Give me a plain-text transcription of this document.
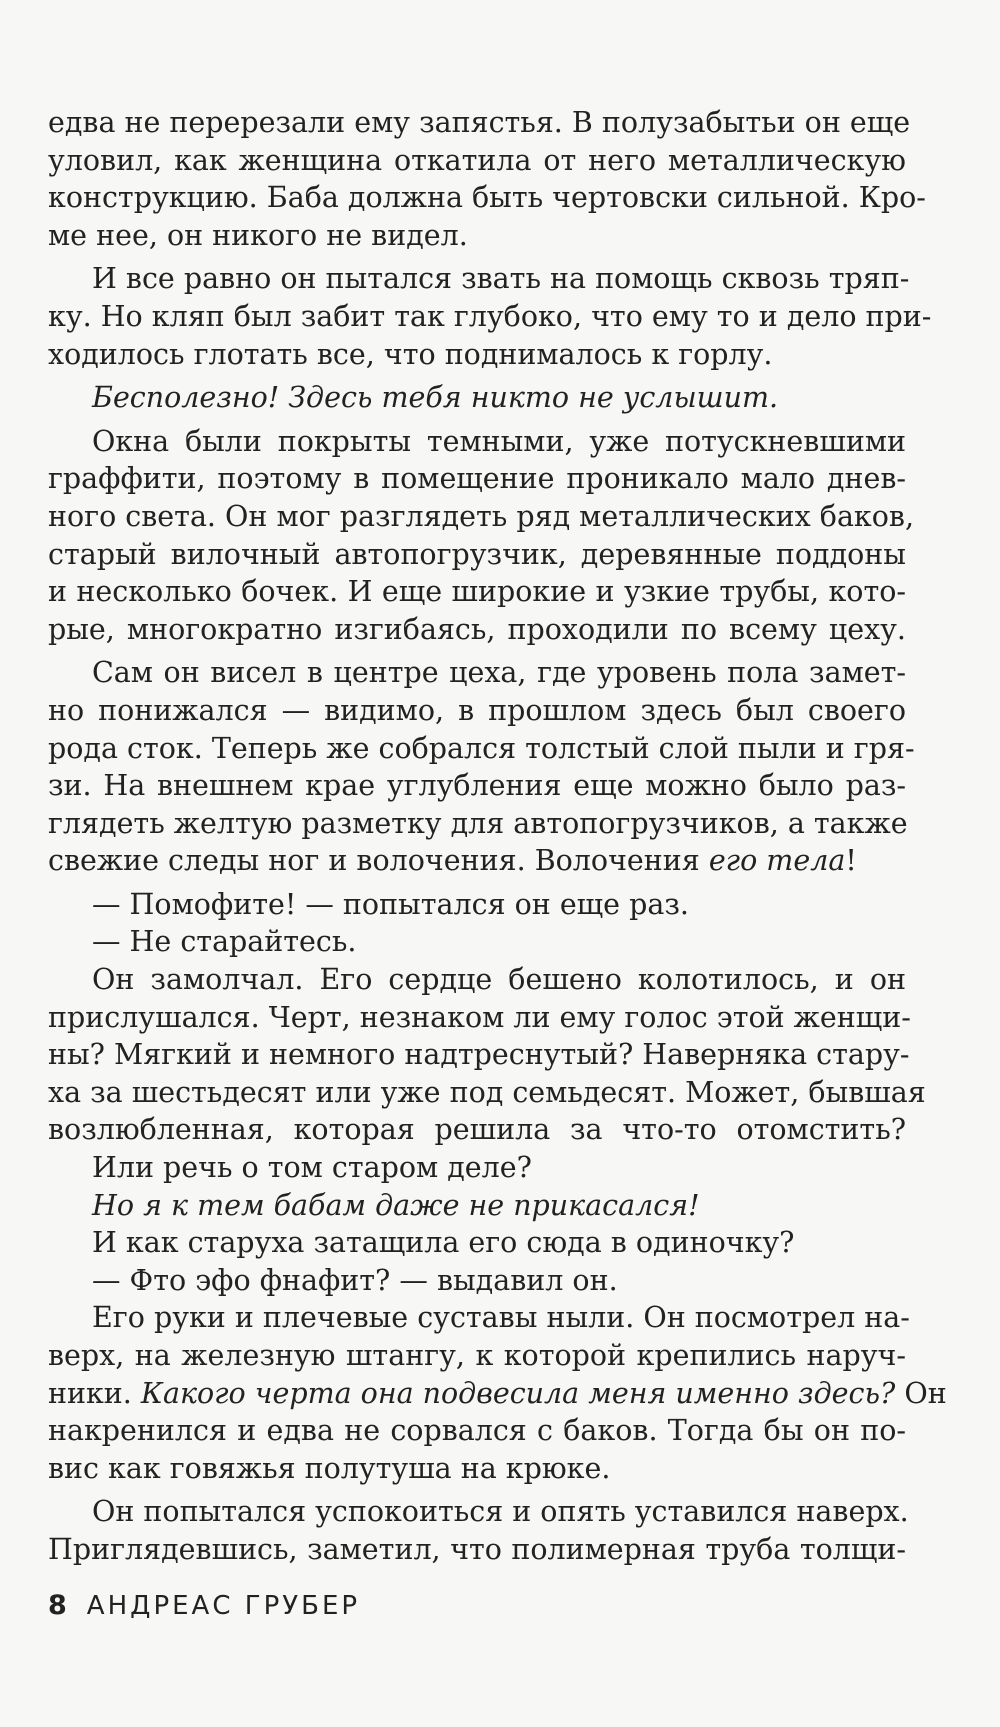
едва не перерезали ему запястья. В полузабытьи он еще
уловил, как женщина откатила от него металлическую
конструкцию. Баба должна быть чертовски сильной. Кро-
ме нее, он никого не видел.
И все равно он пытался звать на помощь сквозь тряп-
ку. Но кляп был забит так глубоко, что ему то и дело при-
ходилось глотать все, что поднималось к горлу.
Бесполезно! Здесь тебя никто не услышит.
Окна были покрыты темными, уже потускневшими
граффити, поэтому в помещение проникало мало днев-
ного света. Он мог разглядеть ряд металлических баков,
старый вилочный автопогрузчик, деревянные поддоны
и несколько бочек. И еще широкие и узкие трубы, кото-
рые, многократно изгибаясь, проходили по всему цеху.
Сам он висел в центре цеха, где уровень пола замет-
но понижался — видимо, в прошлом здесь был своего
рода сток. Теперь же собрался толстый слой пыли и гря-
зи. На внешнем крае углубления еще можно было раз-
глядеть желтую разметку для автопогрузчиков, а также
свежие следы ног и волочения. Волочения его тела!
— Помофите! — попытался он еще раз.
— Не старайтесь.
Он замолчал. Его сердце бешено колотилось, и он
прислушался. Черт, незнаком ли ему голос этой женщи-
ны? Мягкий и немного надтреснутый? Наверняка стару-
ха за шестьдесят или уже под семьдесят. Может, бывшая
возлюбленная, которая решила за что-то отомстить?
Или речь о том старом деле?
Но я к тем бабам даже не прикасался!
И как старуха затащила его сюда в одиночку?
— Фто эфо фнафит? — выдавил он.
Его руки и плечевые суставы ныли. Он посмотрел на-
верх, на железную штангу, к которой крепились наруч-
ники. Какого черта она подвесила меня именно здесь? Он
накренился и едва не сорвался с баков. Тогда бы он по-
вис как говяжья полутуша на крюке.
Он попытался успокоиться и опять уставился наверх.
Приглядевшись, заметил, что полимерная труба толщи-
8 АНДРЕАС ГРУБЕР
